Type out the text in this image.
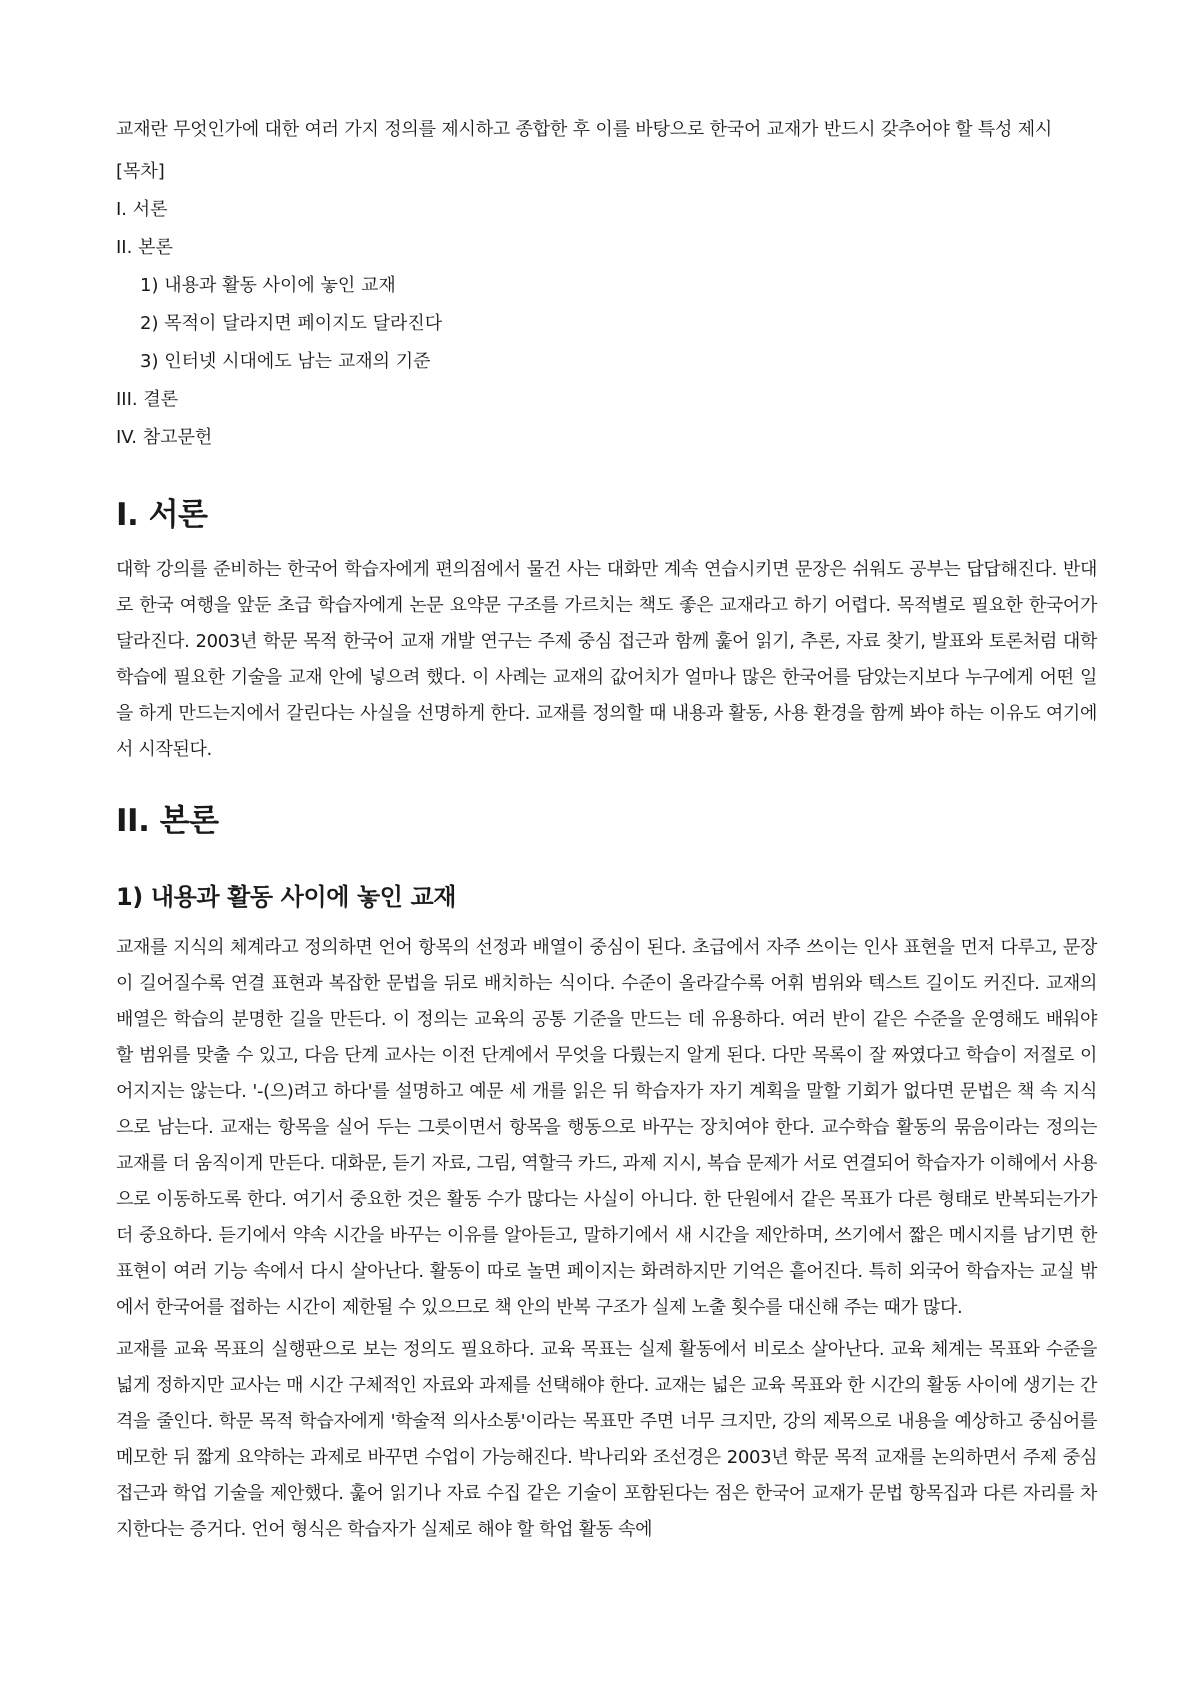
교재란 무엇인가에 대한 여러 가지 정의를 제시하고 종합한 후 이를 바탕으로 한국어 교재가 반드시 갖추어야 할 특성 제시

[목차]

I. 서론

II. 본론

1) 내용과 활동 사이에 놓인 교재

2) 목적이 달라지면 페이지도 달라진다

3) 인터넷 시대에도 남는 교재의 기준

III. 결론

IV. 참고문헌

I. 서론

대학 강의를 준비하는 한국어 학습자에게 편의점에서 물건 사는 대화만 계속 연습시키면 문장은 쉬워도 공부는 답답해진다. 반대로 한국 여행을 앞둔 초급 학습자에게 논문 요약문 구조를 가르치는 책도 좋은 교재라고 하기 어렵다. 목적별로 필요한 한국어가 달라진다. 2003년 학문 목적 한국어 교재 개발 연구는 주제 중심 접근과 함께 훑어 읽기, 추론, 자료 찾기, 발표와 토론처럼 대학 학습에 필요한 기술을 교재 안에 넣으려 했다. 이 사례는 교재의 값어치가 얼마나 많은 한국어를 담았는지보다 누구에게 어떤 일을 하게 만드는지에서 갈린다는 사실을 선명하게 한다. 교재를 정의할 때 내용과 활동, 사용 환경을 함께 봐야 하는 이유도 여기에서 시작된다.

II. 본론
1) 내용과 활동 사이에 놓인 교재

교재를 지식의 체계라고 정의하면 언어 항목의 선정과 배열이 중심이 된다. 초급에서 자주 쓰이는 인사 표현을 먼저 다루고, 문장이 길어질수록 연결 표현과 복잡한 문법을 뒤로 배치하는 식이다. 수준이 올라갈수록 어휘 범위와 텍스트 길이도 커진다. 교재의 배열은 학습의 분명한 길을 만든다. 이 정의는 교육의 공통 기준을 만드는 데 유용하다. 여러 반이 같은 수준을 운영해도 배워야 할 범위를 맞출 수 있고, 다음 단계 교사는 이전 단계에서 무엇을 다뤘는지 알게 된다. 다만 목록이 잘 짜였다고 학습이 저절로 이어지지는 않는다. '-(으)려고 하다'를 설명하고 예문 세 개를 읽은 뒤 학습자가 자기 계획을 말할 기회가 없다면 문법은 책 속 지식으로 남는다. 교재는 항목을 실어 두는 그릇이면서 항목을 행동으로 바꾸는 장치여야 한다. 교수학습 활동의 묶음이라는 정의는 교재를 더 움직이게 만든다. 대화문, 듣기 자료, 그림, 역할극 카드, 과제 지시, 복습 문제가 서로 연결되어 학습자가 이해에서 사용으로 이동하도록 한다. 여기서 중요한 것은 활동 수가 많다는 사실이 아니다. 한 단원에서 같은 목표가 다른 형태로 반복되는가가 더 중요하다. 듣기에서 약속 시간을 바꾸는 이유를 알아듣고, 말하기에서 새 시간을 제안하며, 쓰기에서 짧은 메시지를 남기면 한 표현이 여러 기능 속에서 다시 살아난다. 활동이 따로 놀면 페이지는 화려하지만 기억은 흩어진다. 특히 외국어 학습자는 교실 밖에서 한국어를 접하는 시간이 제한될 수 있으므로 책 안의 반복 구조가 실제 노출 횟수를 대신해 주는 때가 많다.

교재를 교육 목표의 실행판으로 보는 정의도 필요하다. 교육 목표는 실제 활동에서 비로소 살아난다. 교육 체계는 목표와 수준을 넓게 정하지만 교사는 매 시간 구체적인 자료와 과제를 선택해야 한다. 교재는 넓은 교육 목표와 한 시간의 활동 사이에 생기는 간격을 줄인다. 학문 목적 학습자에게 '학술적 의사소통'이라는 목표만 주면 너무 크지만, 강의 제목으로 내용을 예상하고 중심어를 메모한 뒤 짧게 요약하는 과제로 바꾸면 수업이 가능해진다. 박나리와 조선경은 2003년 학문 목적 교재를 논의하면서 주제 중심 접근과 학업 기술을 제안했다. 훑어 읽기나 자료 수집 같은 기술이 포함된다는 점은 한국어 교재가 문법 항목집과 다른 자리를 차지한다는 증거다. 언어 형식은 학습자가 실제로 해야 할 학업 활동 속에
